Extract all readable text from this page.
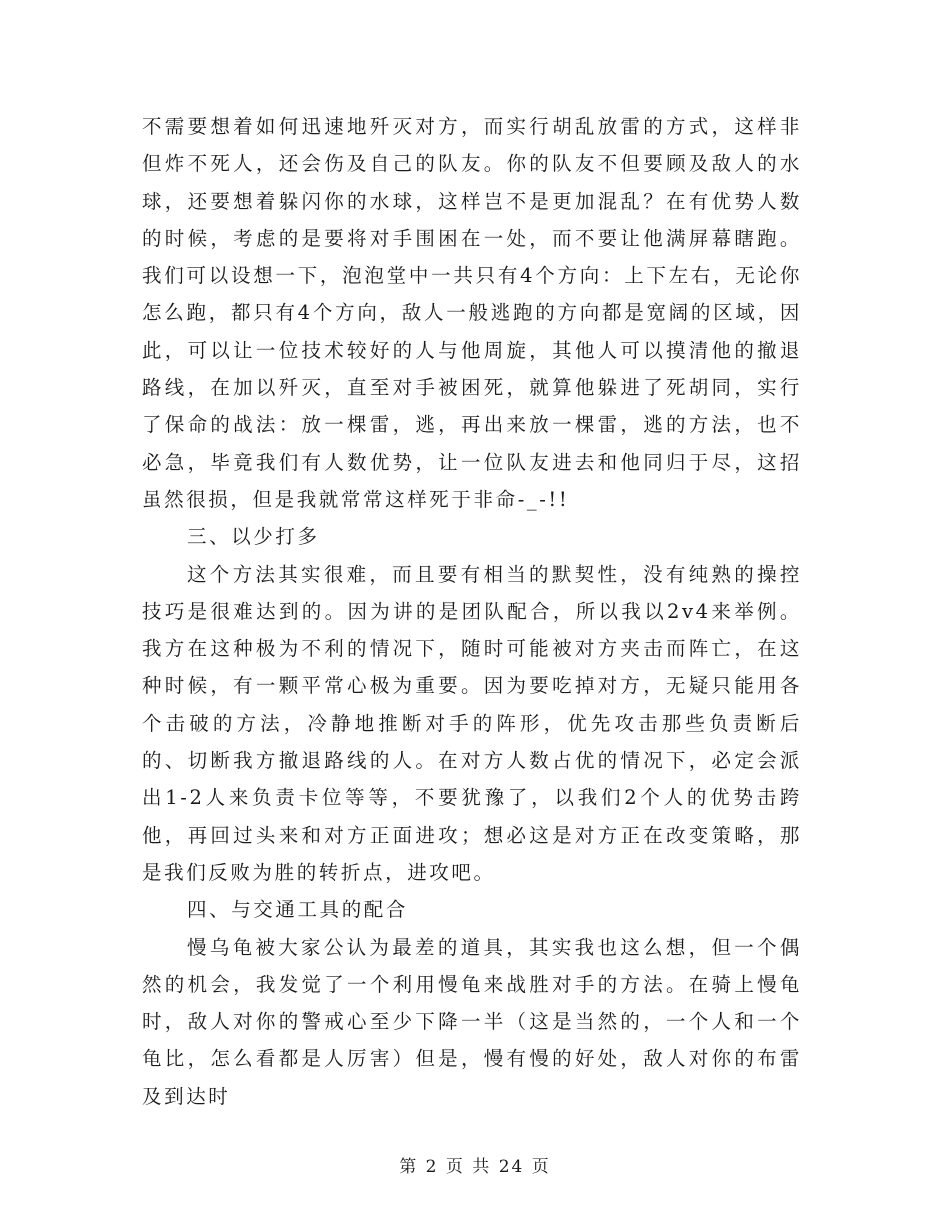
不需要想着如何迅速地歼灭对方，而实行胡乱放雷的方式，这样非但炸不死人，还会伤及自己的队友。你的队友不但要顾及敌人的水球，还要想着躲闪你的水球，这样岂不是更加混乱？在有优势人数的时候，考虑的是要将对手围困在一处，而不要让他满屏幕瞎跑。我们可以设想一下，泡泡堂中一共只有4个方向：上下左右，无论你怎么跑，都只有4个方向，敌人一般逃跑的方向都是宽阔的区域，因此，可以让一位技术较好的人与他周旋，其他人可以摸清他的撤退路线，在加以歼灭，直至对手被困死，就算他躲进了死胡同，实行了保命的战法：放一棵雷，逃，再出来放一棵雷，逃的方法，也不必急，毕竟我们有人数优势，让一位队友进去和他同归于尽，这招虽然很损，但是我就常常这样死于非命-_-!!

三、以少打多

这个方法其实很难，而且要有相当的默契性，没有纯熟的操控技巧是很难达到的。因为讲的是团队配合，所以我以2v4来举例。我方在这种极为不利的情况下，随时可能被对方夹击而阵亡，在这种时候，有一颗平常心极为重要。因为要吃掉对方，无疑只能用各个击破的方法，冷静地推断对手的阵形，优先攻击那些负责断后的、切断我方撤退路线的人。在对方人数占优的情况下，必定会派出1-2人来负责卡位等等，不要犹豫了，以我们2个人的优势击跨他，再回过头来和对方正面进攻；想必这是对方正在改变策略，那是我们反败为胜的转折点，进攻吧。

四、与交通工具的配合

慢乌龟被大家公认为最差的道具，其实我也这么想，但一个偶然的机会，我发觉了一个利用慢龟来战胜对手的方法。在骑上慢龟时，敌人对你的警戒心至少下降一半（这是当然的，一个人和一个龟比，怎么看都是人厉害）但是，慢有慢的好处，敌人对你的布雷及到达时

第 2 页 共 24 页
